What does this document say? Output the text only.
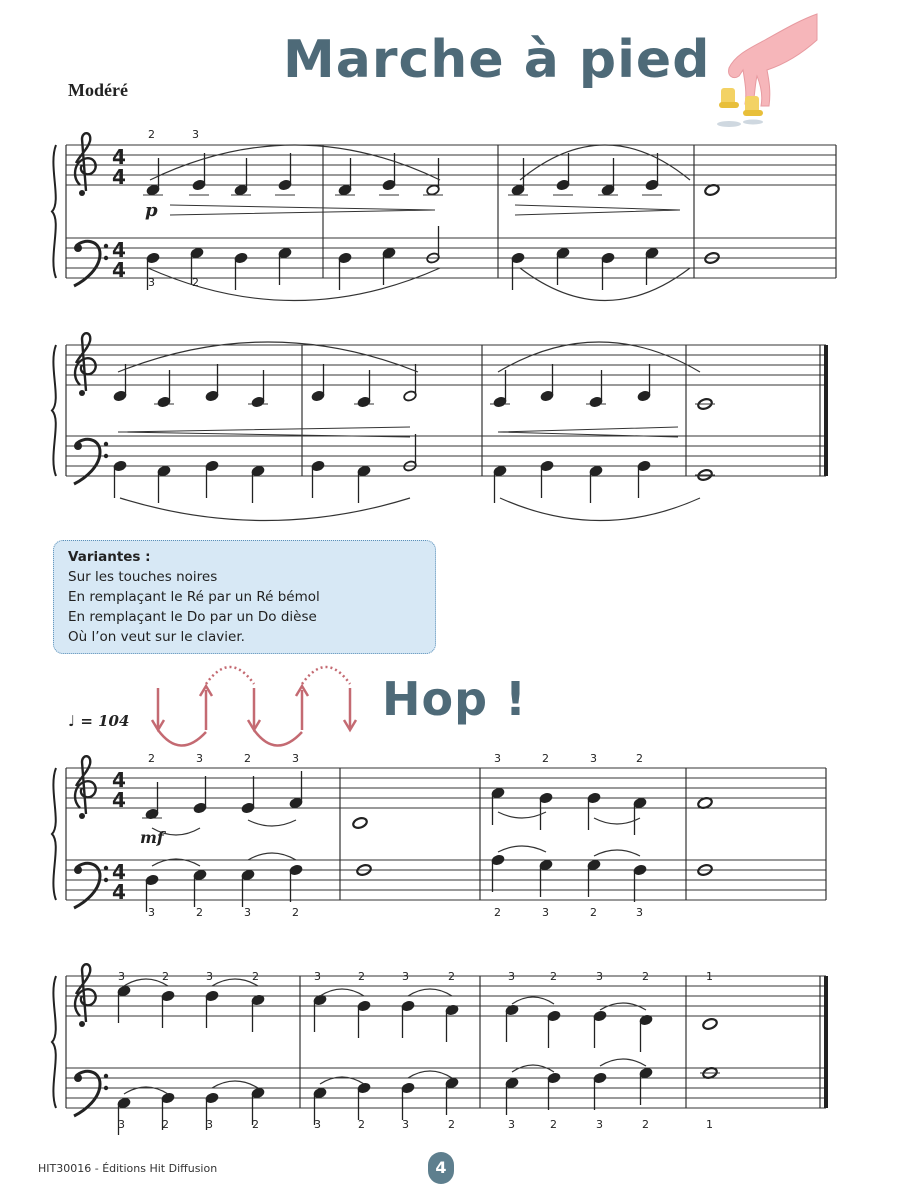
Marche à pied
Modéré
4
4
4
4
4
4
4
4
p
Variantes :
Sur les touches noires
En remplaçant le Ré par un Ré bémol
En remplaçant le Do par un Do dièse
Où l’on veut sur le clavier.
Hop !
♩ = 104
mf
2	3
3	2
2	3	2	3	3	2	3	2
3	2	3	2	2	3	2	3
3	2	3	2	3	2	3	2	3	2	3	2	1
3	2	3	2	3	2	3	2	3	2	3	2	1
HIT30016 - Éditions Hit Diffusion	4
